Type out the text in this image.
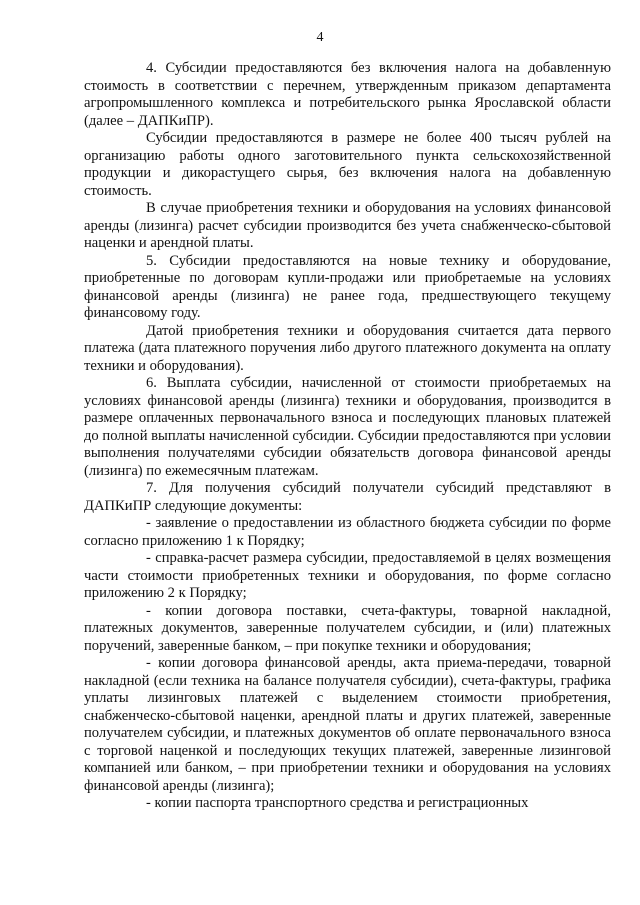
4

4. Субсидии предоставляются без включения налога на добавленную стоимость в соответствии с перечнем, утвержденным приказом департамента агропромышленного комплекса и потребительского рынка Ярославской области (далее – ДАПКиПР).

Субсидии предоставляются в размере не более 400 тысяч рублей на организацию работы одного заготовительного пункта сельскохозяйственной продукции и дикорастущего сырья, без включения налога на добавленную стоимость.

В случае приобретения техники и оборудования на условиях финансовой аренды (лизинга) расчет субсидии производится без учета снабженческо-сбытовой наценки и арендной платы.

5. Субсидии предоставляются на новые технику и оборудование, приобретенные по договорам купли-продажи или приобретаемые на условиях финансовой аренды (лизинга) не ранее года, предшествующего текущему финансовому году.

Датой приобретения техники и оборудования считается дата первого платежа (дата платежного поручения либо другого платежного документа на оплату техники и оборудования).

6. Выплата субсидии, начисленной от стоимости приобретаемых на условиях финансовой аренды (лизинга) техники и оборудования, производится в размере оплаченных первоначального взноса и последующих плановых платежей до полной выплаты начисленной субсидии. Субсидии предоставляются при условии выполнения получателями субсидии обязательств договора финансовой аренды (лизинга) по ежемесячным платежам.

7. Для получения субсидий получатели субсидий представляют в ДАПКиПР следующие документы:

- заявление о предоставлении из областного бюджета субсидии по форме согласно приложению 1 к Порядку;

- справка-расчет размера субсидии, предоставляемой в целях возмещения части стоимости приобретенных техники и оборудования, по форме согласно приложению 2 к Порядку;

- копии договора поставки, счета-фактуры, товарной накладной, платежных документов, заверенные получателем субсидии, и (или) платежных поручений, заверенные банком, – при покупке техники и оборудования;

- копии договора финансовой аренды, акта приема-передачи, товарной накладной (если техника на балансе получателя субсидии), счета-фактуры, графика уплаты лизинговых платежей с выделением стоимости приобретения, снабженческо-сбытовой наценки, арендной платы и других платежей, заверенные получателем субсидии, и платежных документов об оплате первоначального взноса с торговой наценкой и последующих текущих платежей, заверенные лизинговой компанией или банком, – при приобретении техники и оборудования на условиях финансовой аренды (лизинга);

- копии паспорта транспортного средства и регистрационных
